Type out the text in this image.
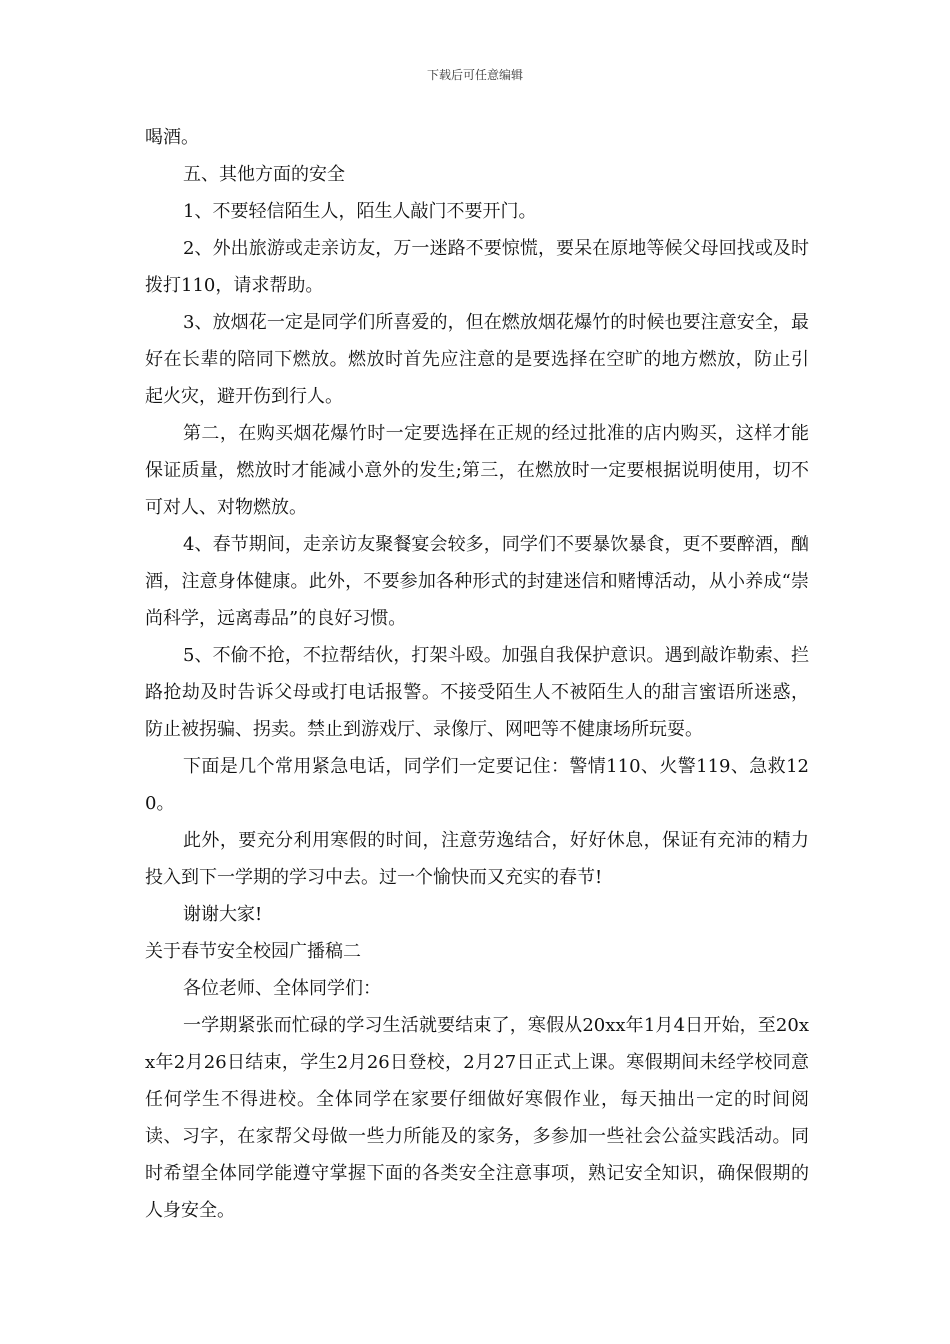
下载后可任意编辑

喝酒。

五、其他方面的安全

1、不要轻信陌生人，陌生人敲门不要开门。

2、外出旅游或走亲访友，万一迷路不要惊慌，要呆在原地等候父母回找或及时拨打110，请求帮助。

3、放烟花一定是同学们所喜爱的，但在燃放烟花爆竹的时候也要注意安全，最好在长辈的陪同下燃放。燃放时首先应注意的是要选择在空旷的地方燃放，防止引起火灾，避开伤到行人。

第二，在购买烟花爆竹时一定要选择在正规的经过批准的店内购买，这样才能保证质量，燃放时才能减小意外的发生;第三，在燃放时一定要根据说明使用，切不可对人、对物燃放。

4、春节期间，走亲访友聚餐宴会较多，同学们不要暴饮暴食，更不要醉酒，酗酒，注意身体健康。此外，不要参加各种形式的封建迷信和赌博活动，从小养成“崇尚科学，远离毒品”的良好习惯。

5、不偷不抢，不拉帮结伙，打架斗殴。加强自我保护意识。遇到敲诈勒索、拦路抢劫及时告诉父母或打电话报警。不接受陌生人不被陌生人的甜言蜜语所迷惑，防止被拐骗、拐卖。禁止到游戏厅、录像厅、网吧等不健康场所玩耍。

下面是几个常用紧急电话，同学们一定要记住：警情110、火警119、急救120。

此外，要充分利用寒假的时间，注意劳逸结合，好好休息，保证有充沛的精力投入到下一学期的学习中去。过一个愉快而又充实的春节!

谢谢大家!

关于春节安全校园广播稿二

各位老师、全体同学们：

一学期紧张而忙碌的学习生活就要结束了，寒假从20xx年1月4日开始，至20xx年2月26日结束，学生2月26日登校，2月27日正式上课。寒假期间未经学校同意任何学生不得进校。全体同学在家要仔细做好寒假作业，每天抽出一定的时间阅读、习字，在家帮父母做一些力所能及的家务，多参加一些社会公益实践活动。同时希望全体同学能遵守掌握下面的各类安全注意事项，熟记安全知识，确保假期的人身安全。
